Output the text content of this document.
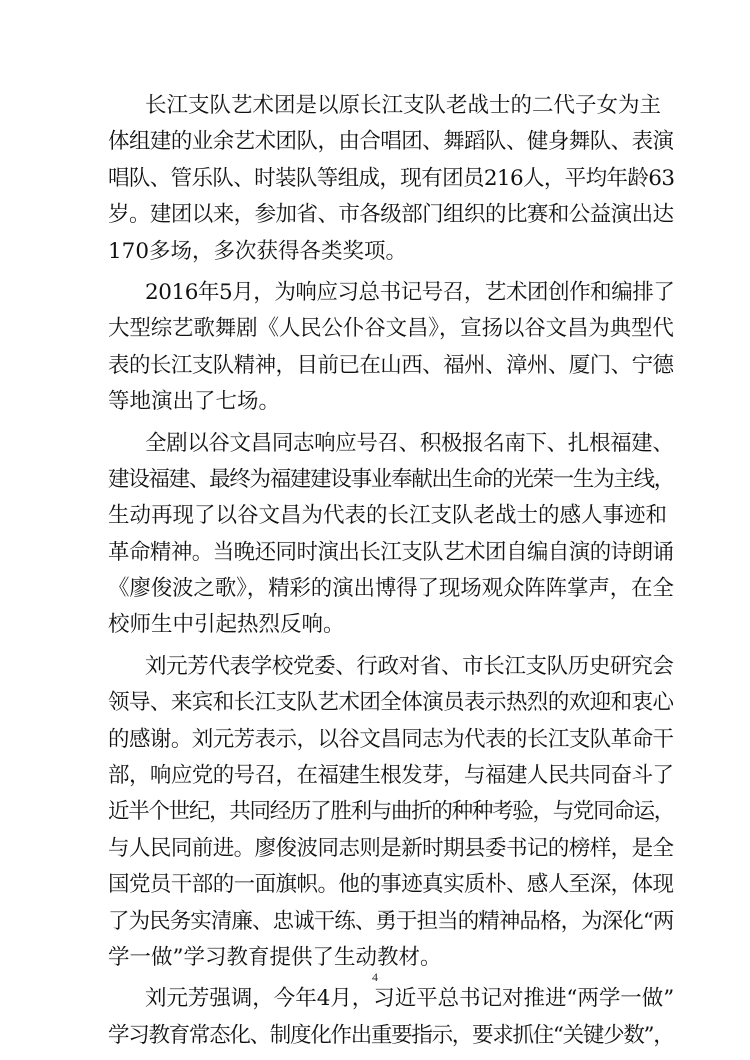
长江支队艺术团是以原长江支队老战士的二代子女为主
体组建的业余艺术团队，由合唱团、舞蹈队、健身舞队、表演
唱队、管乐队、时装队等组成，现有团员216人，平均年龄63
岁。建团以来，参加省、市各级部门组织的比赛和公益演出达
170多场，多次获得各类奖项。
2016年5月，为响应习总书记号召，艺术团创作和编排了
大型综艺歌舞剧《人民公仆谷文昌》，宣扬以谷文昌为典型代
表的长江支队精神，目前已在山西、福州、漳州、厦门、宁德
等地演出了七场。
全剧以谷文昌同志响应号召、积极报名南下、扎根福建、
建设福建、最终为福建建设事业奉献出生命的光荣一生为主线，
生动再现了以谷文昌为代表的长江支队老战士的感人事迹和
革命精神。当晚还同时演出长江支队艺术团自编自演的诗朗诵
《廖俊波之歌》，精彩的演出博得了现场观众阵阵掌声，在全
校师生中引起热烈反响。
刘元芳代表学校党委、行政对省、市长江支队历史研究会
领导、来宾和长江支队艺术团全体演员表示热烈的欢迎和衷心
的感谢。刘元芳表示，以谷文昌同志为代表的长江支队革命干
部，响应党的号召，在福建生根发芽，与福建人民共同奋斗了
近半个世纪，共同经历了胜利与曲折的种种考验，与党同命运，
与人民同前进。廖俊波同志则是新时期县委书记的榜样，是全
国党员干部的一面旗帜。他的事迹真实质朴、感人至深，体现
了为民务实清廉、忠诚干练、勇于担当的精神品格，为深化“两
学一做”学习教育提供了生动教材。
刘元芳强调，今年4月，习近平总书记对推进“两学一做”
学习教育常态化、制度化作出重要指示，要求抓住“关键少数”，
4
